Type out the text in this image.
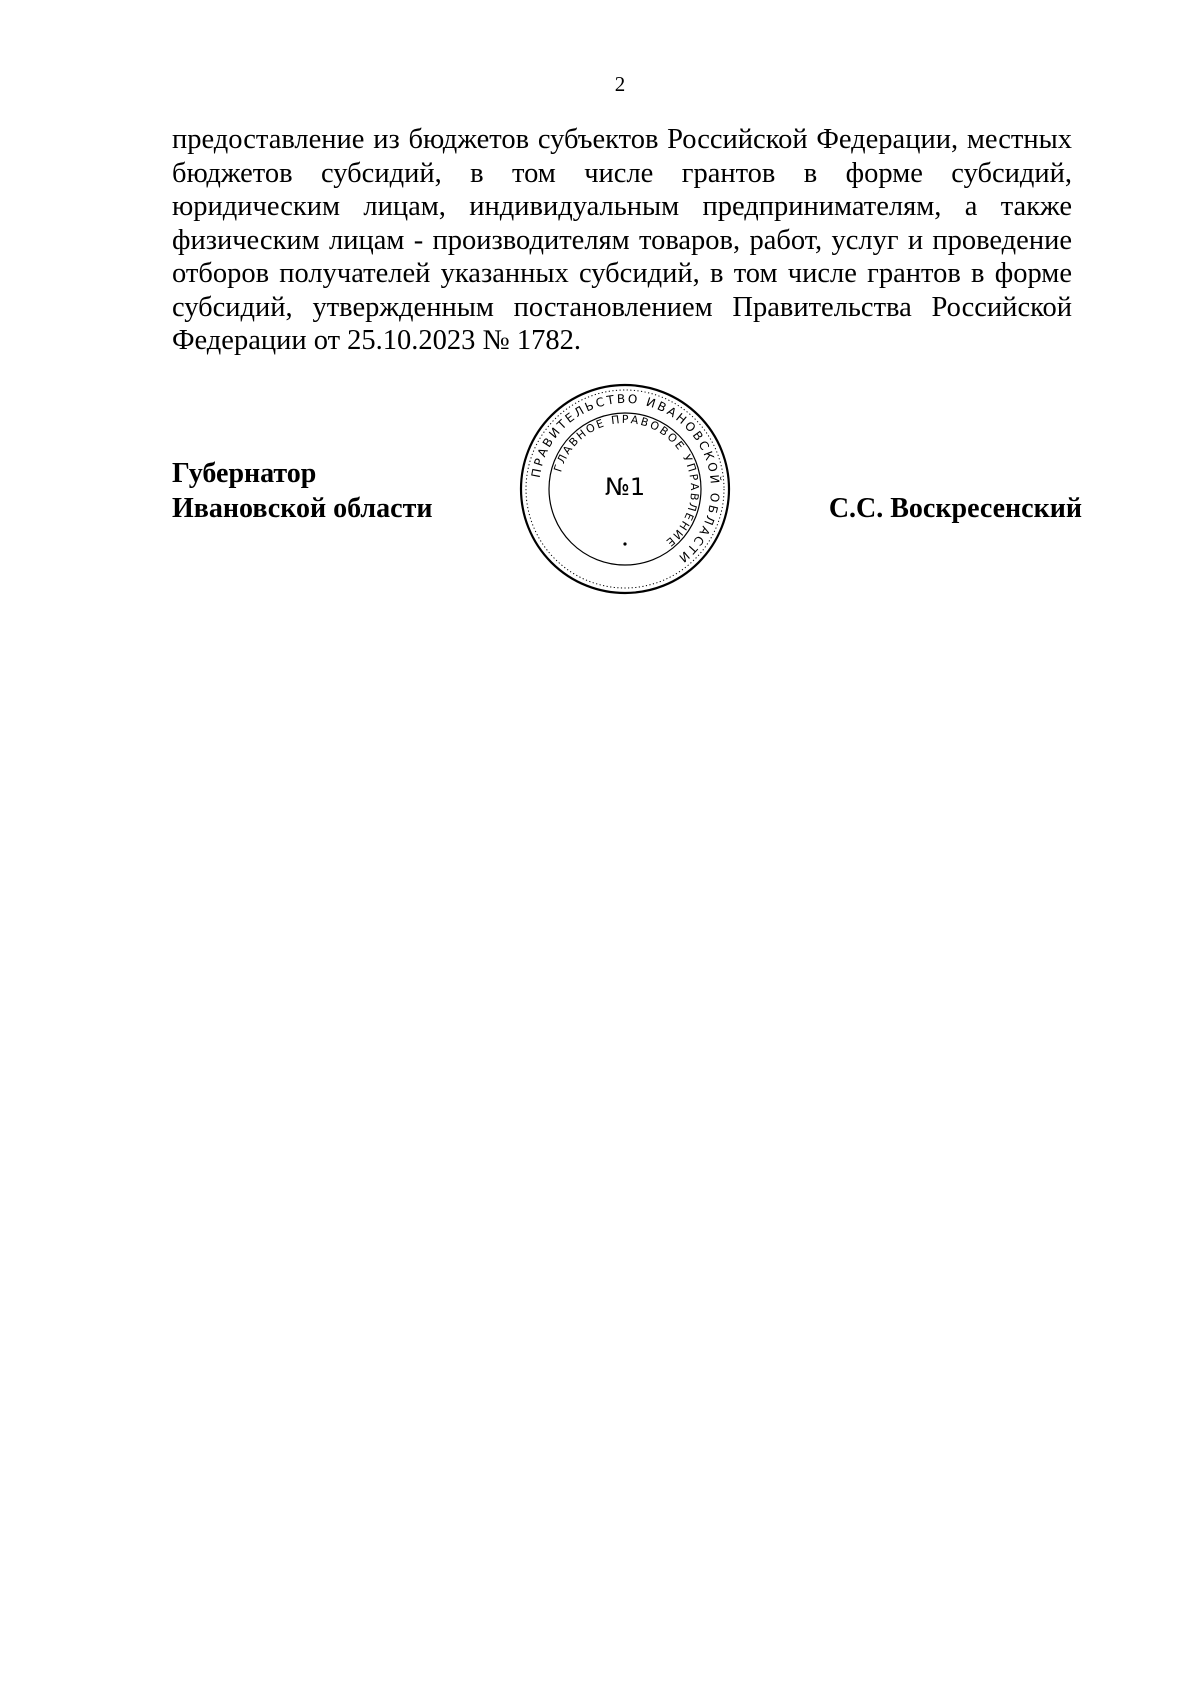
2

предоставление из бюджетов субъектов Российской Федерации, местных бюджетов субсидий, в том числе грантов в форме субсидий, юридическим лицам, индивидуальным предпринимателям, а также физическим лицам - производителям товаров, работ, услуг и проведение отборов получателей указанных субсидий, в том числе грантов в форме субсидий, утвержденным постановлением Правительства Российской Федерации от 25.10.2023 № 1782.

Губернатор
Ивановской области
ПРАВИТЕЛЬСТВО ИВАНОВСКОЙ ОБЛАСТИ
ГЛАВНОЕ ПРАВОВОЕ УПРАВЛЕНИЕ
№1
С.С. Воскресенский
